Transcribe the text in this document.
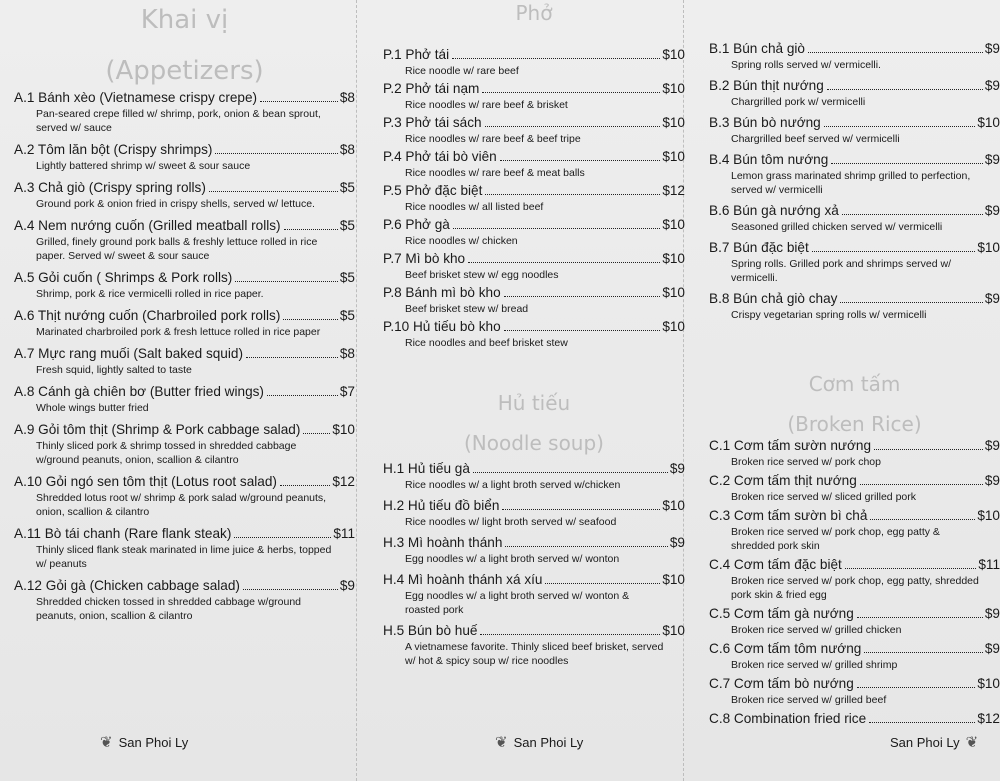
Khai vị
(Appetizers)
A.1 Bánh xèo (Vietnamese crispy crepe)	$8
Pan-seared crepe filled w/ shrimp, pork, onion & bean sprout, served w/ sauce
A.2 Tôm lăn bột (Crispy shrimps)	$8
Lightly battered shrimp w/ sweet & sour sauce
A.3 Chả giò (Crispy spring rolls)	$5
Ground pork & onion fried in crispy shells, served w/ lettuce.
A.4 Nem nướng cuốn (Grilled meatball rolls)	$5
Grilled, finely ground pork balls & freshly lettuce rolled in rice paper. Served w/ sweet & sour sauce
A.5 Gỏi cuốn ( Shrimps & Pork rolls)	$5
Shrimp, pork & rice vermicelli rolled in rice paper.
A.6 Thịt nướng cuốn (Charbroiled pork rolls)	$5
Marinated charbroiled pork & fresh lettuce rolled in rice paper
A.7 Mực rang muối (Salt baked squid)	$8
Fresh squid, lightly salted to taste
A.8 Cánh gà chiên bơ (Butter fried wings)	$7
Whole wings butter fried
A.9 Gỏi tôm thịt (Shrimp & Pork cabbage salad) $10
Thinly sliced pork & shrimp tossed in shredded cabbage w/ground peanuts, onion, scallion & cilantro
A.10 Gỏi ngó sen tôm thịt (Lotus root salad)	$12
Shredded lotus root w/ shrimp & pork salad w/ground peanuts, onion, scallion & cilantro
A.11 Bò tái chanh (Rare flank steak)	$11
Thinly sliced flank steak marinated in lime juice & herbs, topped w/ peanuts
A.12 Gỏi gà (Chicken cabbage salad)	$9
Shredded chicken tossed in shredded cabbage w/ground peanuts, onion, scallion & cilantro
❦ San Phoi Ly
Phở
P.1 Phở tái	$10
Rice noodle w/ rare beef
P.2 Phở tái nạm	$10
Rice noodles w/ rare beef & brisket
P.3 Phở tái sách	$10
Rice noodles w/ rare beef & beef tripe
P.4 Phở tái bò viên	$10
Rice noodles w/ rare beef & meat balls
P.5 Phở đặc biệt	$12
Rice noodles w/ all listed beef
P.6 Phở gà	$10
Rice noodles w/ chicken
P.7 Mì bò kho	$10
Beef brisket stew w/ egg noodles
P.8 Bánh mì bò kho	$10
Beef brisket stew w/ bread
P.10 Hủ tiếu bò kho	$10
Rice noodles and beef brisket stew
Hủ tiếu
(Noodle soup)
H.1 Hủ tiếu gà	$9
Rice noodles w/ a light broth served w/chicken
H.2 Hủ tiếu đồ biển	$10
Rice noodles w/ light broth served w/ seafood
H.3 Mì hoành thánh	$9
Egg noodles w/ a light broth served w/ wonton
H.4 Mì hoành thánh xá xíu	$10
Egg noodles w/ a light broth served w/ wonton & roasted pork
H.5 Bún bò huế	$10
A vietnamese favorite. Thinly sliced beef brisket, served w/ hot & spicy soup w/ rice noodles
❦ San Phoi Ly
B.1 Bún chả giò	$9
Spring rolls served w/ vermicelli.
B.2 Bún thịt nướng	$9
Chargrilled pork w/ vermicelli
B.3 Bún bò nướng	$10
Chargrilled beef served w/ vermicelli
B.4 Bún tôm nướng	$9
Lemon grass marinated shrimp grilled to perfection, served w/ vermicelli
B.6 Bún gà nướng xả	$9
Seasoned grilled chicken served w/ vermicelli
B.7 Bún đặc biệt	$10
Spring rolls. Grilled pork and shrimps served w/ vermicelli.
B.8 Bún chả giò chay	$9
Crispy vegetarian spring rolls w/ vermicelli
Cơm tấm
(Broken Rice)
C.1 Cơm tấm sườn nướng	$9
Broken rice served w/ pork chop
C.2 Cơm tấm thịt nướng	$9
Broken rice served w/ sliced grilled pork
C.3 Cơm tấm sườn bì chả	$10
Broken rice served w/ pork chop, egg patty & shredded pork skin
C.4 Cơm tấm đặc biệt	$11
Broken rice served w/ pork chop, egg patty, shredded pork skin & fried egg
C.5 Cơm tấm gà nướng	$9
Broken rice served w/ grilled chicken
C.6 Cơm tấm tôm nướng	$9
Broken rice served w/ grilled shrimp
C.7 Cơm tấm bò nướng	$10
Broken rice served w/ grilled beef
C.8 Combination fried rice	$12
San Phoi Ly ❦
